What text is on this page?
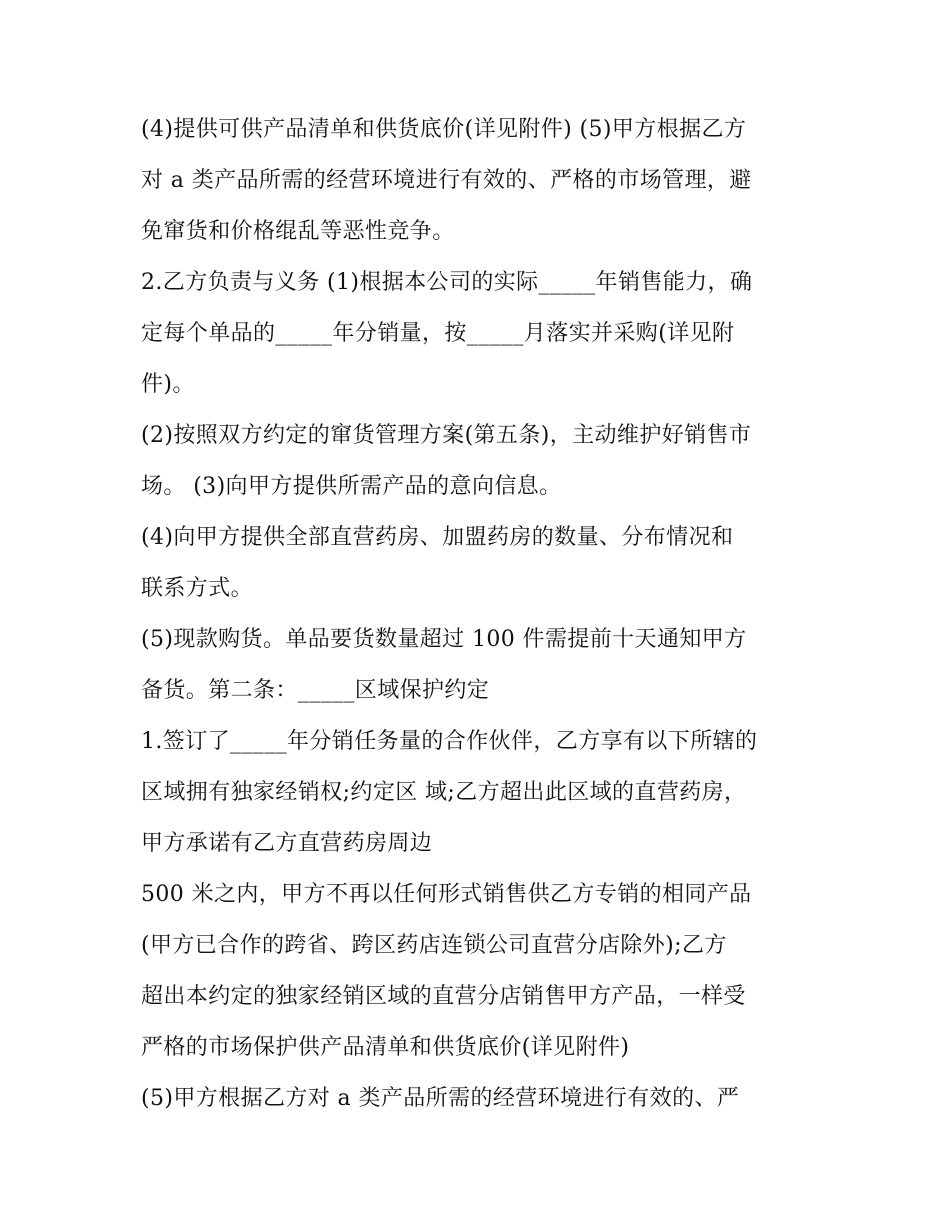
(4)提供可供产品清单和供货底价(详见附件) (5)甲方根据乙方
对 a 类产品所需的经营环境进行有效的、严格的市场管理，避
免窜货和价格绲乱等恶性竞争。
2.乙方负责与义务 (1)根据本公司的实际_____年销售能力，确
定每个单品的_____年分销量，按_____月落实并采购(详见附
件)。
(2)按照双方约定的窜货管理方案(第五条)，主动维护好销售市
场。 (3)向甲方提供所需产品的意向信息。
(4)向甲方提供全部直营药房、加盟药房的数量、分布情况和
联系方式。
(5)现款购货。单品要货数量超过 100 件需提前十天通知甲方
备货。第二条：_____区域保护约定
1.签订了_____年分销任务量的合作伙伴，乙方享有以下所辖的
区域拥有独家经销权;约定区 域;乙方超出此区域的直营药房，
甲方承诺有乙方直营药房周边
500 米之内，甲方不再以任何形式销售供乙方专销的相同产品
(甲方已合作的跨省、跨区药店连锁公司直营分店除外);乙方
超出本约定的独家经销区域的直营分店销售甲方产品，一样受
严格的市场保护供产品清单和供货底价(详见附件)
(5)甲方根据乙方对 a 类产品所需的经营环境进行有效的、严
